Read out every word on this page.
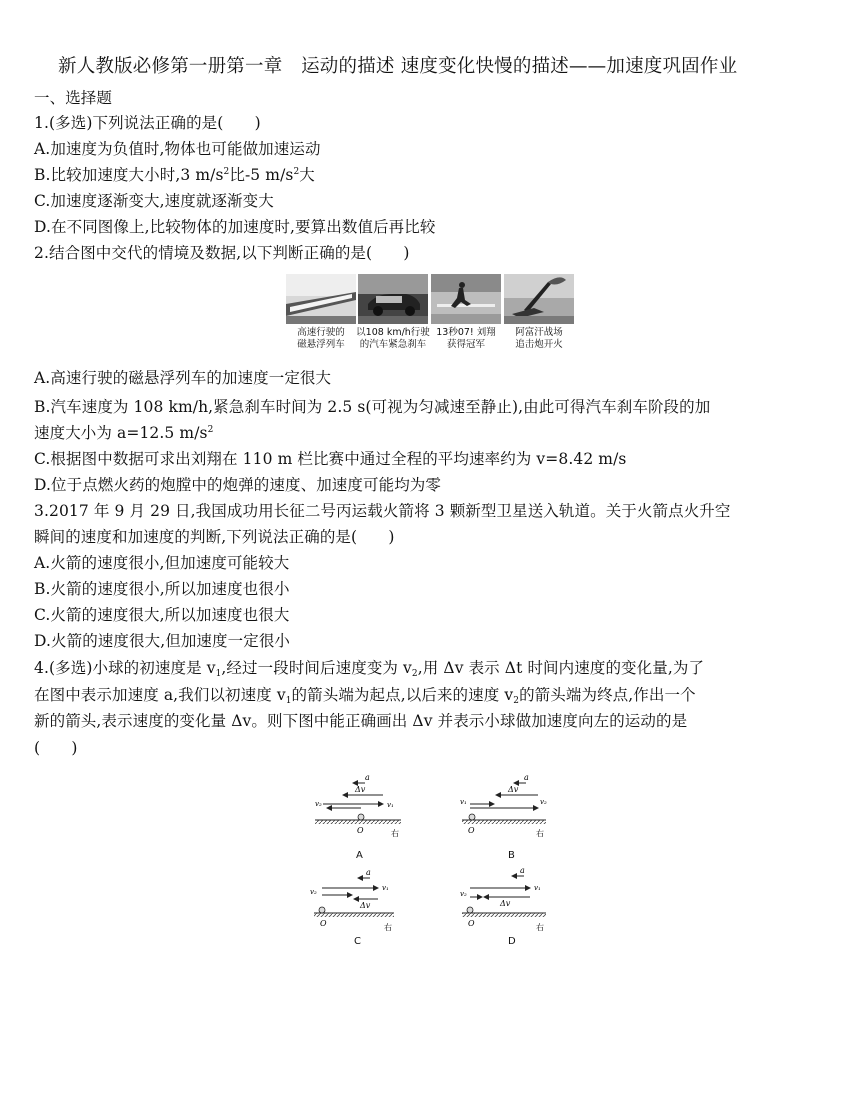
新人教版必修第一册第一章　运动的描述 速度变化快慢的描述——加速度巩固作业
一、选择题
1.(多选)下列说法正确的是(　　)
A.加速度为负值时,物体也可能做加速运动
B.比较加速度大小时,3 $m/s^2$比-5 $m/s^2$大
C.加速度逐渐变大,速度就逐渐变大
D.在不同图像上,比较物体的加速度时,要算出数值后再比较
2.结合图中交代的情境及数据,以下判断正确的是(　　)
高速行驶的
磁悬浮列车
以108 km/h行驶
的汽车紧急刹车
13秒07! 刘翔
获得冠军
阿富汗战场
追击炮开火
A.高速行驶的磁悬浮列车的加速度一定很大
B.汽车速度为 108 km/h,紧急刹车时间为 2.5 s(可视为匀减速至静止),由此可得汽车刹车阶段的加
速度大小为 a=12.5 $m/s^2$
C.根据图中数据可求出刘翔在 110 m 栏比赛中通过全程的平均速率约为 v=8.42 m/s
D.位于点燃火药的炮膛中的炮弹的速度、加速度可能均为零
3.2017 年 9 月 29 日,我国成功用长征二号丙运载火箭将 3 颗新型卫星送入轨道。关于火箭点火升空
瞬间的速度和加速度的判断,下列说法正确的是(　　)
A.火箭的速度很小,但加速度可能较大
B.火箭的速度很小,所以加速度也很小
C.火箭的速度很大,所以加速度也很大
D.火箭的速度很大,但加速度一定很小
4.(多选)小球的初速度是 $v_1$,经过一段时间后速度变为 $v_2$,用 Δv 表示 Δt 时间内速度的变化量,为了
在图中表示加速度 a,我们以初速度 $v_1$的箭头端为起点,以后来的速度 $v_2$的箭头端为终点,作出一个
新的箭头,表示速度的变化量 Δv。则下图中能正确画出 Δv 并表示小球做加速度向左的运动的是
(　　)
a
Δv
v₂	v₁
O	右
A
a
Δv
v₁	v₂
O	右
B
a
v₁
v₂
Δv
O	右
C
a
v₁
v₂
Δv
O	右
D
